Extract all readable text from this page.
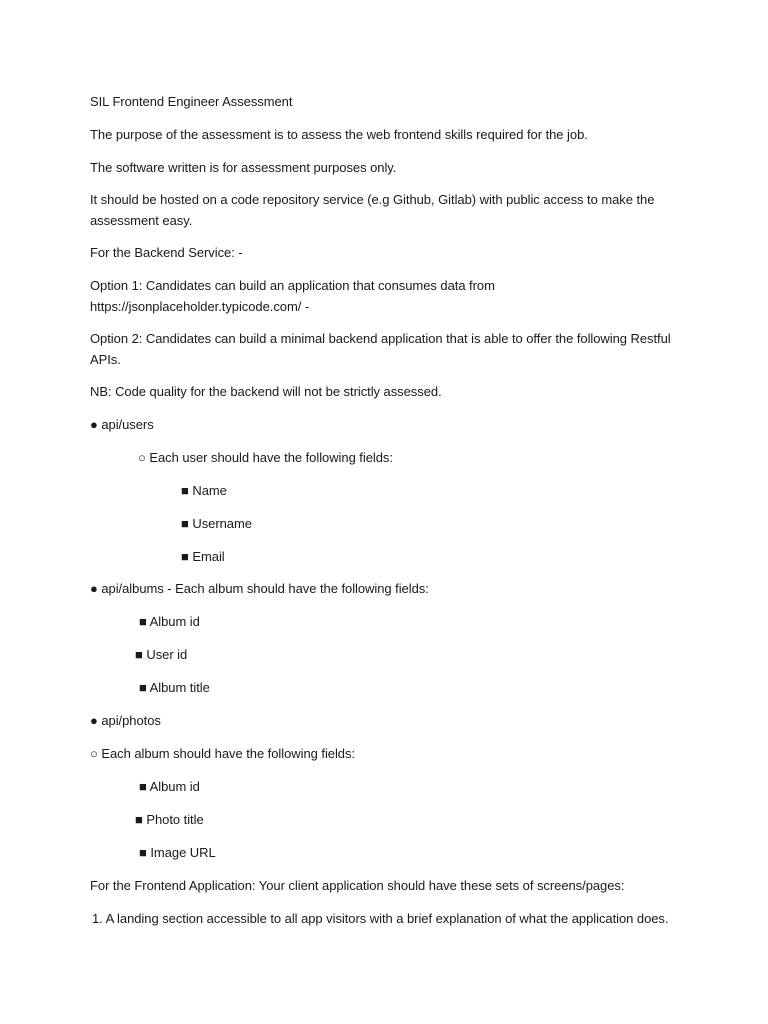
SIL Frontend Engineer Assessment
The purpose of the assessment is to assess the web frontend skills required for the job.
The software written is for assessment purposes only.
It should be hosted on a code repository service (e.g Github, Gitlab) with public access to make the
assessment easy.
For the Backend Service: -
Option 1: Candidates can build an application that consumes data from
https://jsonplaceholder.typicode.com/ -
Option 2: Candidates can build a minimal backend application that is able to offer the following Restful
APIs.
NB: Code quality for the backend will not be strictly assessed.
● api/users
○ Each user should have the following fields:
■ Name
■ Username
■ Email
● api/albums - Each album should have the following fields:
■ Album id
■ User id
■ Album title
● api/photos
○ Each album should have the following fields:
■ Album id
■ Photo title
■ Image URL
For the Frontend Application: Your client application should have these sets of screens/pages:
1. A landing section accessible to all app visitors with a brief explanation of what the application does.
